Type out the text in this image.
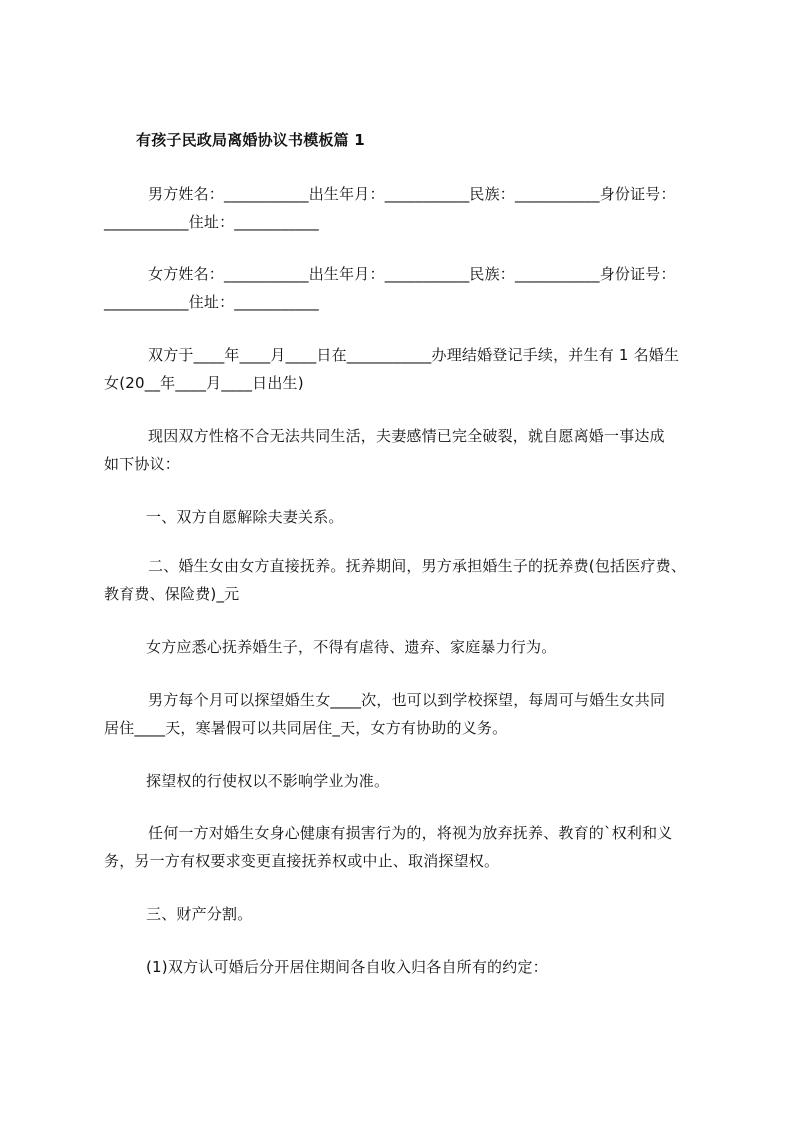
有孩子民政局离婚协议书模板篇 1
男方姓名：___________出生年月：___________民族：___________身份证号：
___________住址：___________
女方姓名：___________出生年月：___________民族：___________身份证号：
___________住址：___________
双方于____年____月____日在___________办理结婚登记手续，并生有 1 名婚生
女(20__年____月____日出生)
现因双方性格不合无法共同生活，夫妻感情已完全破裂，就自愿离婚一事达成
如下协议：
一、双方自愿解除夫妻关系。
二、婚生女由女方直接抚养。抚养期间，男方承担婚生子的抚养费(包括医疗费、
教育费、保险费)_元
女方应悉心抚养婚生子，不得有虐待、遗弃、家庭暴力行为。
男方每个月可以探望婚生女____次，也可以到学校探望，每周可与婚生女共同
居住____天，寒暑假可以共同居住_天，女方有协助的义务。
探望权的行使权以不影响学业为准。
任何一方对婚生女身心健康有损害行为的，将视为放弃抚养、教育的`权利和义
务，另一方有权要求变更直接抚养权或中止、取消探望权。
三、财产分割。
(1)双方认可婚后分开居住期间各自收入归各自所有的约定：
